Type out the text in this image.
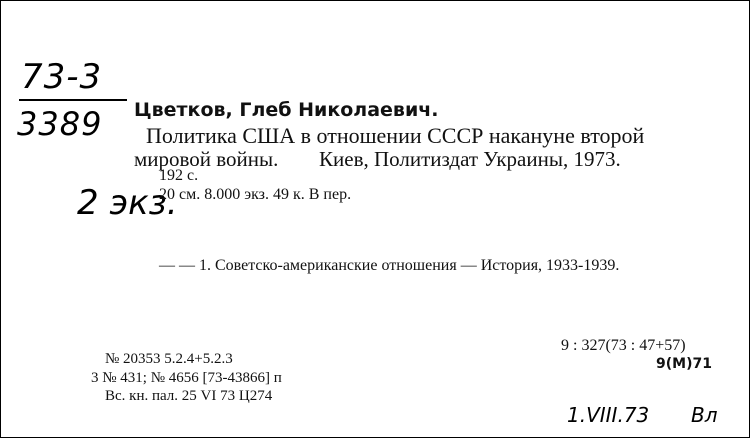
73-3
3389
2 экз.
Цветков, Глеб Николаевич.
Политика США в отношении СССР накануне второй
мировой войны. Киев, Политиздат Украины, 1973.
192 с.
20 см. 8.000 экз. 49 к. В пер.
— — 1. Советско-американские отношения — История, 1933-1939.
9 : 327(73 : 47+57)
9(М)71
№ 20353 5.2.4+5.2.3
3 № 431; № 4656 [73-43866] п
Вс. кн. пал. 25 VI 73 Ц274
1.VIII.73 Вл
